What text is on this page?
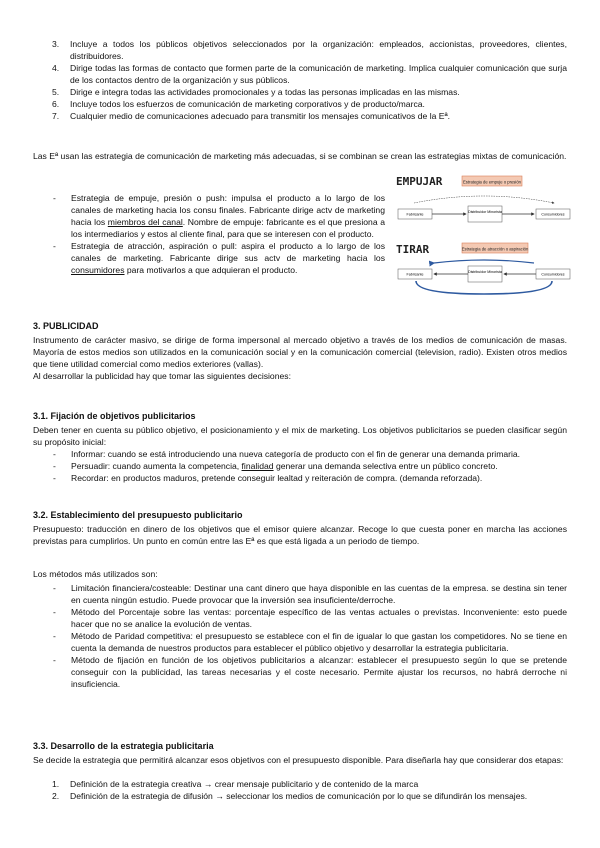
3. Incluye a todos los públicos objetivos seleccionados por la organización: empleados, accionistas, proveedores, clientes, distribuidores.
4. Dirige todas las formas de contacto que formen parte de la comunicación de marketing. Implica cualquier comunicación que surja de los contactos dentro de la organización y sus públicos.
5. Dirige e integra todas las actividades promocionales y a todas las personas implicadas en las mismas.
6. Incluye todos los esfuerzos de comunicación de marketing corporativos y de producto/marca.
7. Cualquier medio de comunicaciones adecuado para transmitir los mensajes comunicativos de la Eª.

Las Eª usan las estrategia de comunicación de marketing más adecuadas, si se combinan se crean las estrategias mixtas de comunicación.

- Estrategia de empuje, presión o push: impulsa el producto a lo largo de los canales de marketing hacia los consu finales. Fabricante dirige actv de marketing hacia los miembros del canal. Nombre de empuje: fabricante es el que presiona a los intermediarios y estos al cliente final, para que se interesen con el producto.
- Estrategia de atracción, aspiración o pull: aspira el producto a lo largo de los canales de marketing. Fabricante dirige sus actv de marketing hacia los consumidores para motivarlos a que adquieran el producto.
EMPUJAR	Estrategia de empuje o presión
Fabricante
Distribuidor Minorista
Consumidores
TIRAR	Estrategia de atracción o aspiración
Fabricante
Distribuidor Minorista
Consumidores

3. PUBLICIDAD

Instrumento de carácter masivo, se dirige de forma impersonal al mercado objetivo a través de los medios de comunicación de masas. Mayoría de estos medios son utilizados en la comunicación social y en la comunicación comercial (television, radio). Existen otros medios que tiene utilidad comercial como medios exteriores (vallas).

Al desarrollar la publicidad hay que tomar las siguientes decisiones:

3.1. Fijación de objetivos publicitarios

Deben tener en cuenta su público objetivo, el posicionamiento y el mix de marketing. Los objetivos publicitarios se pueden clasificar según su propósito inicial:

- Informar: cuando se está introduciendo una nueva categoría de producto con el fin de generar una demanda primaria.
- Persuadir: cuando aumenta la competencia, finalidad generar una demanda selectiva entre un público concreto.
- Recordar: en productos maduros, pretende conseguir lealtad y reiteración de compra. (demanda reforzada).

3.2. Establecimiento del presupuesto publicitario

Presupuesto: traducción en dinero de los objetivos que el emisor quiere alcanzar. Recoge lo que cuesta poner en marcha las acciones previstas para cumplirlos. Un punto en común entre las Eª es que está ligada a un periodo de tiempo.

Los métodos más utilizados son:

- Limitación financiera/costeable: Destinar una cant dinero que haya disponible en las cuentas de la empresa. se destina sin tener en cuenta ningún estudio. Puede provocar que la inversión sea insuficiente/derroche.
- Método del Porcentaje sobre las ventas: porcentaje específico de las ventas actuales o previstas. Inconveniente: esto puede hacer que no se analice la evolución de ventas.
- Método de Paridad competitiva: el presupuesto se establece con el fin de igualar lo que gastan los competidores. No se tiene en cuenta la demanda de nuestros productos para establecer el público objetivo y desarrollar la estrategia publicitaria.
- Método de fijación en función de los objetivos publicitarios a alcanzar: establecer el presupuesto según lo que se pretende conseguir con la publicidad, las tareas necesarias y el coste necesario. Permite ajustar los recursos, no habrá derroche ni insuficiencia.

3.3. Desarrollo de la estrategia publicitaria

Se decide la estrategia que permitirá alcanzar esos objetivos con el presupuesto disponible. Para diseñarla hay que considerar dos etapas:

1. Definición de la estrategia creativa → crear mensaje publicitario y de contenido de la marca
2. Definición de la estrategia de difusión → seleccionar los medios de comunicación por lo que se difundirán los mensajes.
